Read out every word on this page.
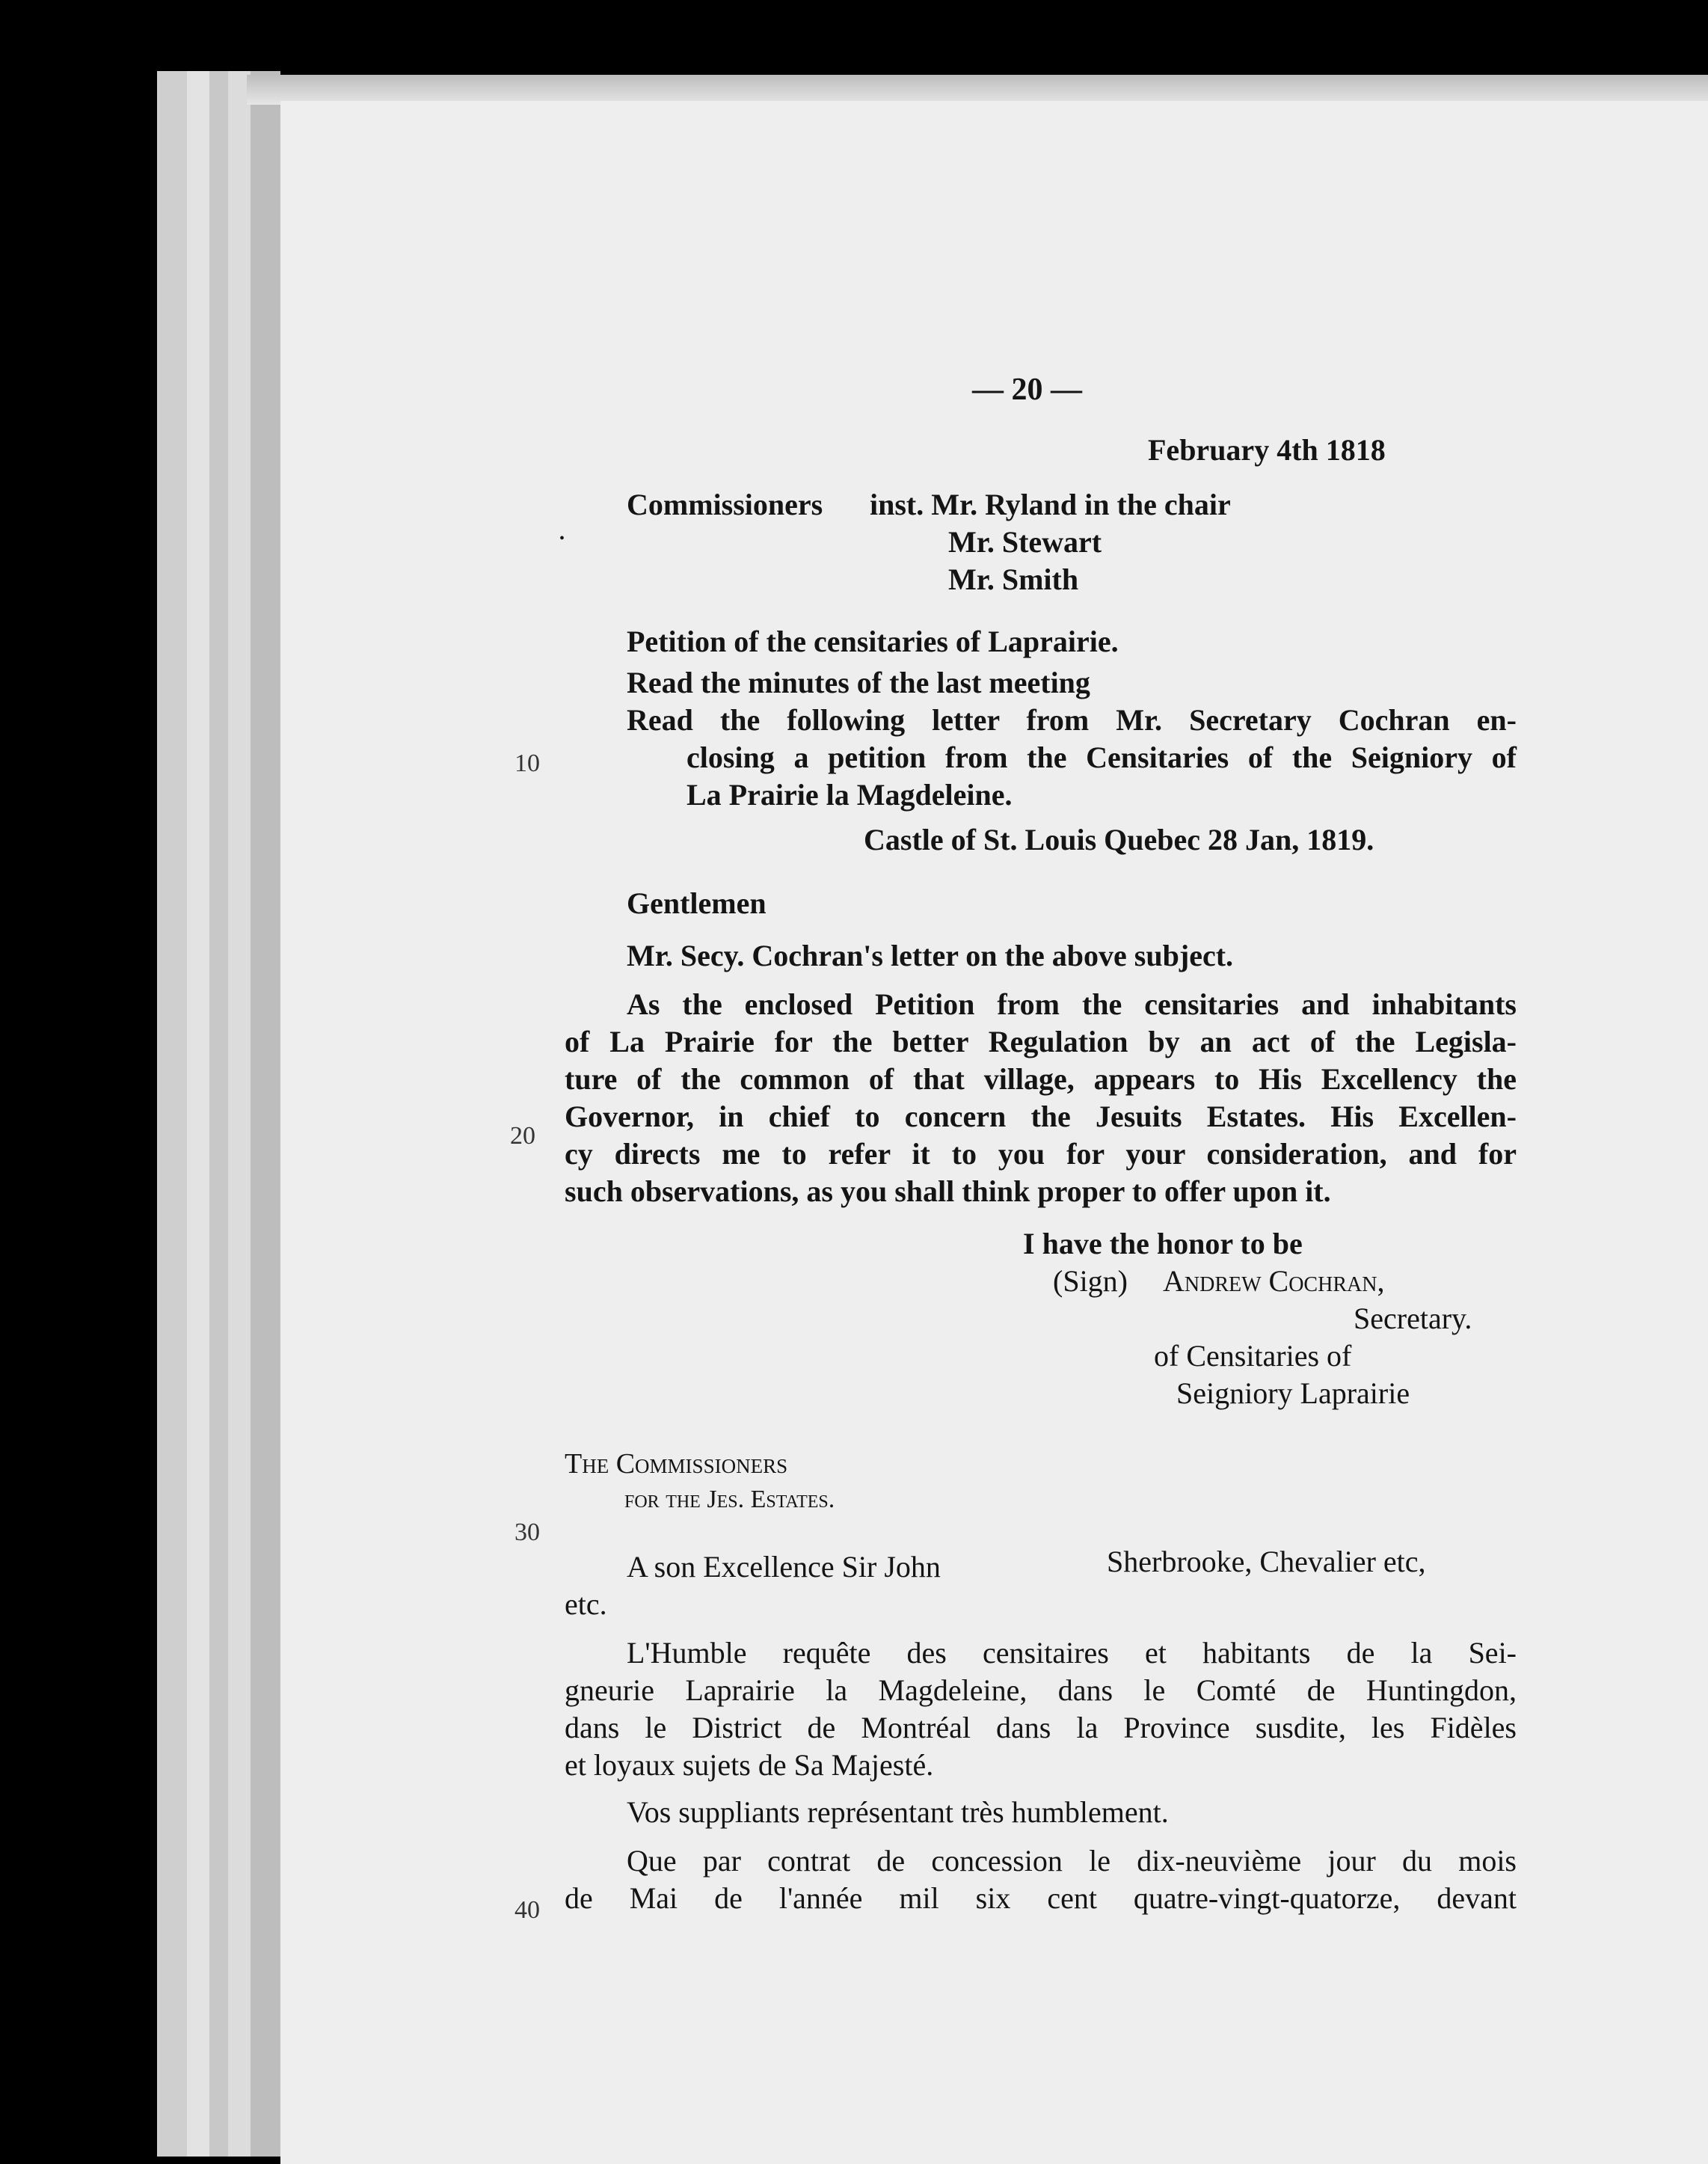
— 20 —
February 4th 1818
Commissioners inst. Mr. Ryland in the chair
Mr. Stewart
Mr. Smith
•
Petition of the censitaries of Laprairie.
Read the minutes of the last meeting
Read the following letter from Mr. Secretary Cochran en-
closing a petition from the Censitaries of the Seigniory of
La Prairie la Magdeleine.
Castle of St. Louis Quebec 28 Jan, 1819.
Gentlemen
Mr. Secy. Cochran's letter on the above subject.
As the enclosed Petition from the censitaries and inhabitants
of La Prairie for the better Regulation by an act of the Legisla-
ture of the common of that village, appears to His Excellency the
Governor, in chief to concern the Jesuits Estates. His Excellen-
cy directs me to refer it to you for your consideration, and for
such observations, as you shall think proper to offer upon it.
I have the honor to be
(Sign) Andrew Cochran,
Secretary.
of Censitaries of
Seigniory Laprairie
The Commissioners
for the Jes. Estates.
A son Excellence Sir John	Sherbrooke, Chevalier etc,
etc.
L'Humble requête des censitaires et habitants de la Sei-
gneurie Laprairie la Magdeleine, dans le Comté de Huntingdon,
dans le District de Montréal dans la Province susdite, les Fidèles
et loyaux sujets de Sa Majesté.
Vos suppliants représentant très humblement.
Que par contrat de concession le dix-neuvième jour du mois
de Mai de l'année mil six cent quatre-vingt-quatorze, devant
10
20
30
40
